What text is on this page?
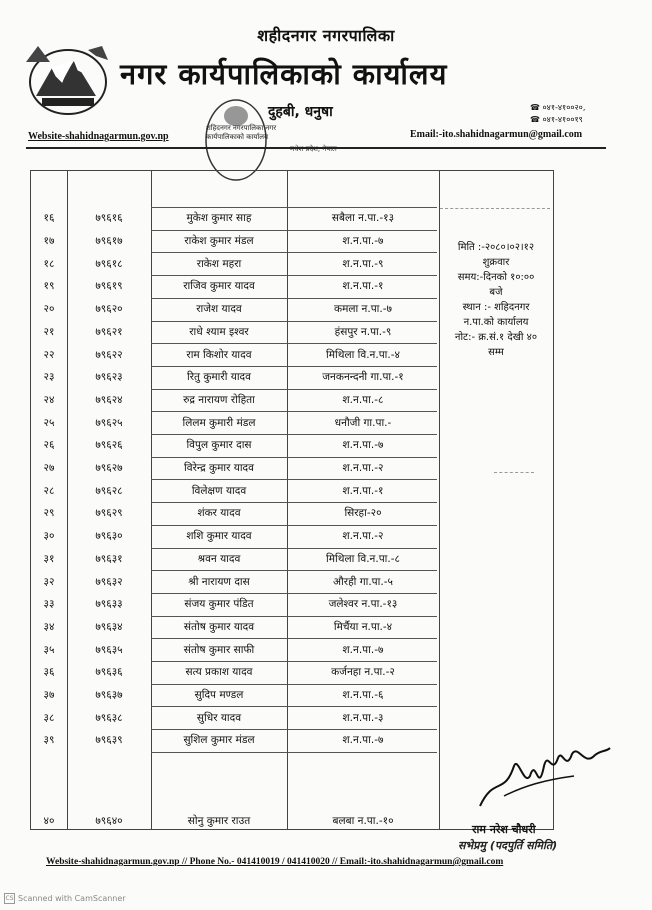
शहीदनगर नगरपालिका
नगर कार्यपालिकाको कार्यालय
दुहबी, धनुषा
शहिदनगर नगरपालिका नगर कार्यपालिकाको कार्यालय
मधेश प्रदेश, नेपाल
☎ ०४१-४१००२०,
☎ ०४१-४१००१९
Website-shahidnagarmun.gov.np	Email:-ito.shahidnagarmun@gmail.com
१६	७९६१६	मुकेश कुमार साह	सबैला न.पा.-१३
१७	७९६१७	राकेश कुमार मंडल	श.न.पा.-७
१८	७९६१८	राकेश महरा	श.न.पा.-९
१९	७९६१९	राजिव कुमार यादव	श.न.पा.-१
२०	७९६२०	राजेश यादव	कमला न.पा.-७
२१	७९६२१	राधे श्याम इश्वर	हंसपुर न.पा.-९
२२	७९६२२	राम किशोर यादव	मिथिला वि.न.पा.-४
२३	७९६२३	रितु कुमारी यादव	जनकनन्दनी गा.पा.-१
२४	७९६२४	रुद्र नारायण रोहिता	श.न.पा.-८
२५	७९६२५	लिलम कुमारी मंडल	धनौजी गा.पा.-
२६	७९६२६	विपुल कुमार दास	श.न.पा.-७
२७	७९६२७	विरेन्द्र कुमार यादव	श.न.पा.-२
२८	७९६२८	विलेक्षण यादव	श.न.पा.-१
२९	७९६२९	शंकर यादव	सिरहा-२०
३०	७९६३०	शशि कुमार यादव	श.न.पा.-२
३१	७९६३१	श्रवन यादव	मिथिला वि.न.पा.-८
३२	७९६३२	श्री नारायण दास	औरही गा.पा.-५
३३	७९६३३	संजय कुमार पंडित	जलेश्वर न.पा.-१३
३४	७९६३४	संतोष कुमार यादव	मिर्चैया न.पा.-४
३५	७९६३५	संतोष कुमार साफी	श.न.पा.-७
३६	७९६३६	सत्य प्रकाश यादव	कर्जनहा न.पा.-२
३७	७९६३७	सुदिप मण्डल	श.न.पा.-६
३८	७९६३८	सुधिर यादव	श.न.पा.-३
३९	७९६३९	सुशिल कुमार मंडल	श.न.पा.-७
४०	७९६४०	सोनु कुमार राउत	बलबा न.पा.-१०
मिति :-२०८०।०२।१२
शुक्रवार
समय:-दिनको १०:००
बजे
स्थान :- शहिदनगर
न.पा.को कार्यालय
नोट:- क्र.सं.१ देखी ४०
सम्म
राम नरेश चौधरी
सभेप्रमु (पदपुर्ति समिति)
Website-shahidnagarmun.gov.np // Phone No.- 041410019 / 041410020 // Email:-ito.shahidnagarmun@gmail.com
CS Scanned with CamScanner
